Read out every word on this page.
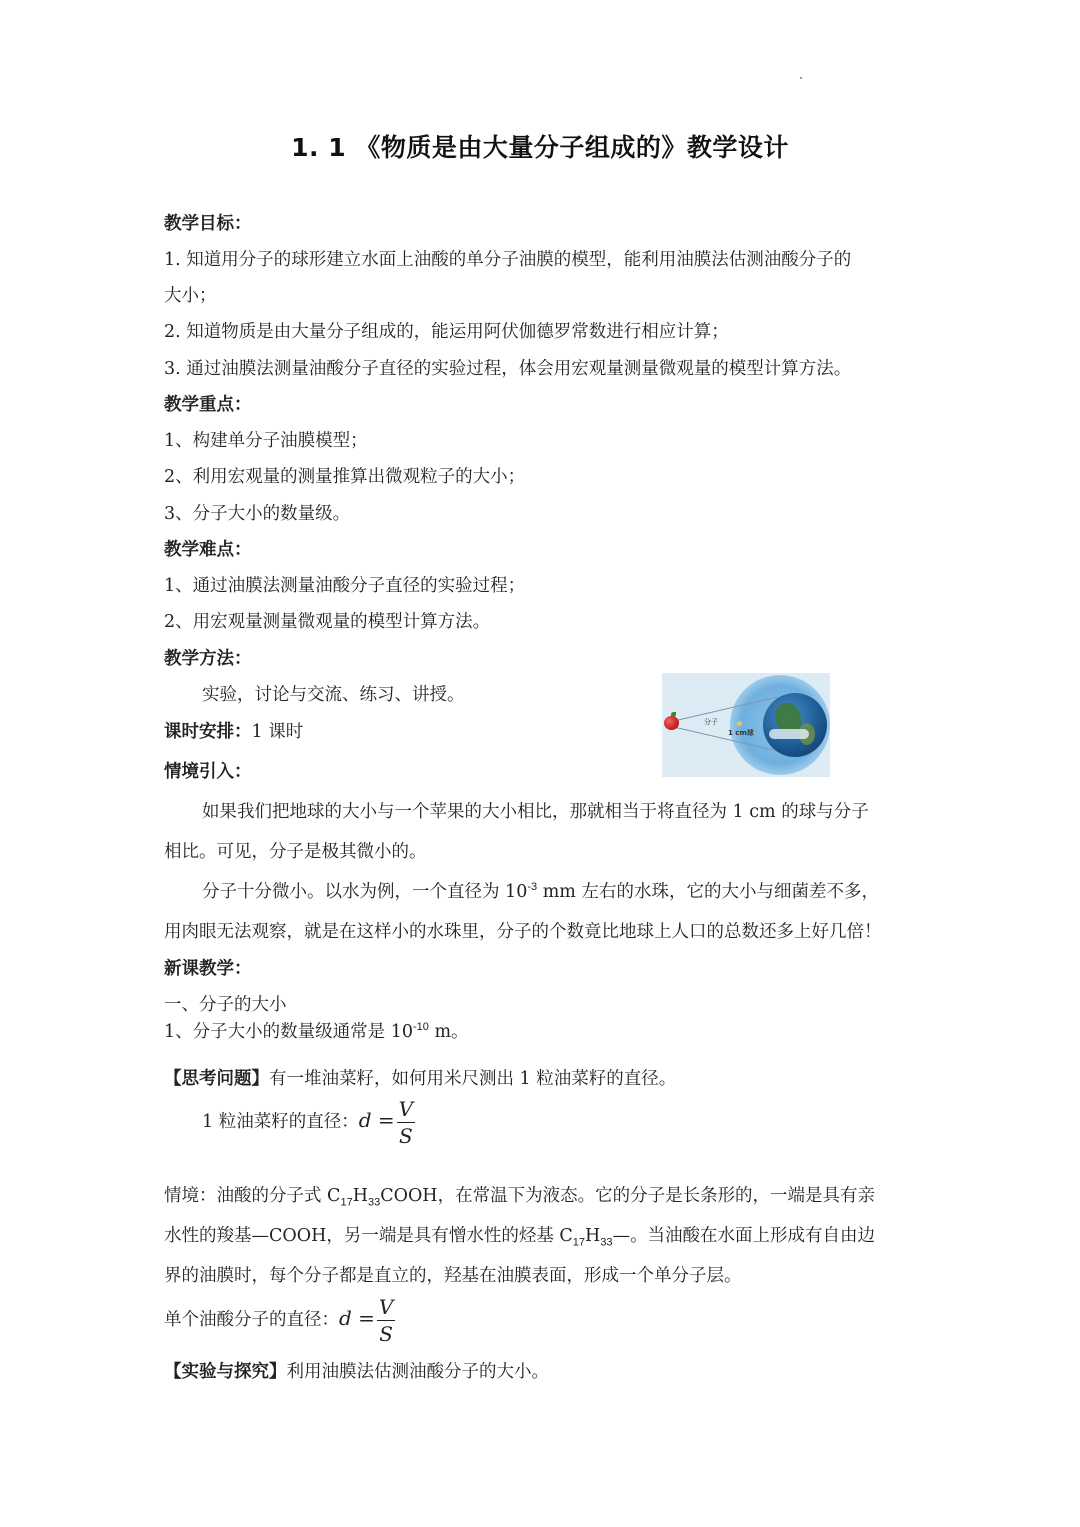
1. 1 《物质是由大量分子组成的》教学设计
教学目标：
1. 知道用分子的球形建立水面上油酸的单分子油膜的模型，能利用油膜法估测油酸分子的
大小；
2. 知道物质是由大量分子组成的，能运用阿伏伽德罗常数进行相应计算；
3. 通过油膜法测量油酸分子直径的实验过程，体会用宏观量测量微观量的模型计算方法。
教学重点：
1、构建单分子油膜模型；
2、利用宏观量的测量推算出微观粒子的大小；
3、分子大小的数量级。
教学难点：
1、通过油膜法测量油酸分子直径的实验过程；
2、用宏观量测量微观量的模型计算方法。
教学方法：
实验，讨论与交流、练习、讲授。
课时安排：1 课时	分子
1 cm球
情境引入：
如果我们把地球的大小与一个苹果的大小相比，那就相当于将直径为 1 cm 的球与分子
相比。可见，分子是极其微小的。
分子十分微小。以水为例，一个直径为 $10^{-3}$ mm 左右的水珠，它的大小与细菌差不多，
用肉眼无法观察，就是在这样小的水珠里，分子的个数竟比地球上人口的总数还多上好几倍！
新课教学：
一、分子的大小
1、分子大小的数量级通常是 $10^{-10}$ m。
【思考问题】有一堆油菜籽，如何用米尺测出 1 粒油菜籽的直径。
1 粒油菜籽的直径：$d = \frac{V}{S}$
情境：油酸的分子式 $C_{17}H_{33}COOH$，在常温下为液态。它的分子是长条形的，一端是具有亲
水性的羧基—COOH，另一端是具有憎水性的烃基 $C_{17}H_{33}—$。当油酸在水面上形成有自由边
界的油膜时，每个分子都是直立的，羟基在油膜表面，形成一个单分子层。
单个油酸分子的直径：$d = \frac{V}{S}$
【实验与探究】利用油膜法估测油酸分子的大小。
